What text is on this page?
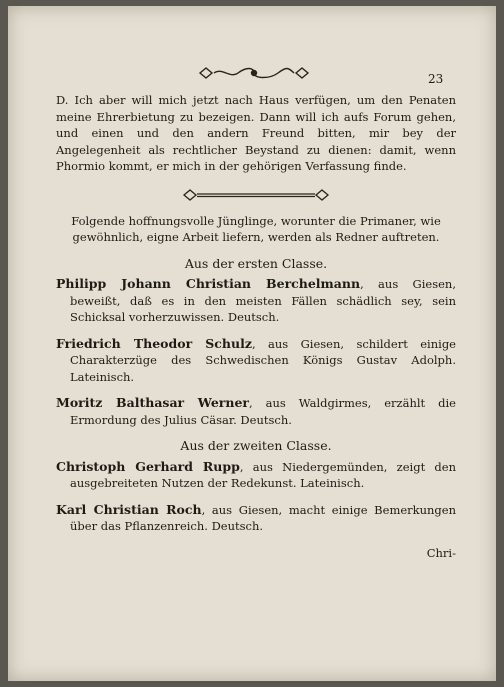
23

D. Ich aber will mich jetzt nach Haus verfügen, um den Penaten meine Ehrerbietung zu bezeigen. Dann will ich aufs Forum gehen, und einen und den andern Freund bitten, mir bey der Angelegenheit als rechtlicher Beystand zu dienen: damit, wenn Phormio kommt, er mich in der gehörigen Verfassung finde.

Folgende hoffnungsvolle Jünglinge, worunter die Primaner, wie gewöhnlich, eigne Arbeit liefern, werden als Redner auftreten.

Aus der ersten Classe.

Philipp Johann Christian Berchelmann, aus Giesen, beweißt, daß es in den meisten Fällen schädlich sey, sein Schicksal vorherzuwissen. Deutsch.

Friedrich Theodor Schulz, aus Giesen, schildert einige Charakterzüge des Schwedischen Königs Gustav Adolph. Lateinisch.

Moritz Balthasar Werner, aus Waldgirmes, erzählt die Ermordung des Julius Cäsar. Deutsch.

Aus der zweiten Classe.

Christoph Gerhard Rupp, aus Niedergemünden, zeigt den ausgebreiteten Nutzen der Redekunst. Lateinisch.

Karl Christian Roch, aus Giesen, macht einige Bemerkungen über das Pflanzenreich. Deutsch.

Chri-
